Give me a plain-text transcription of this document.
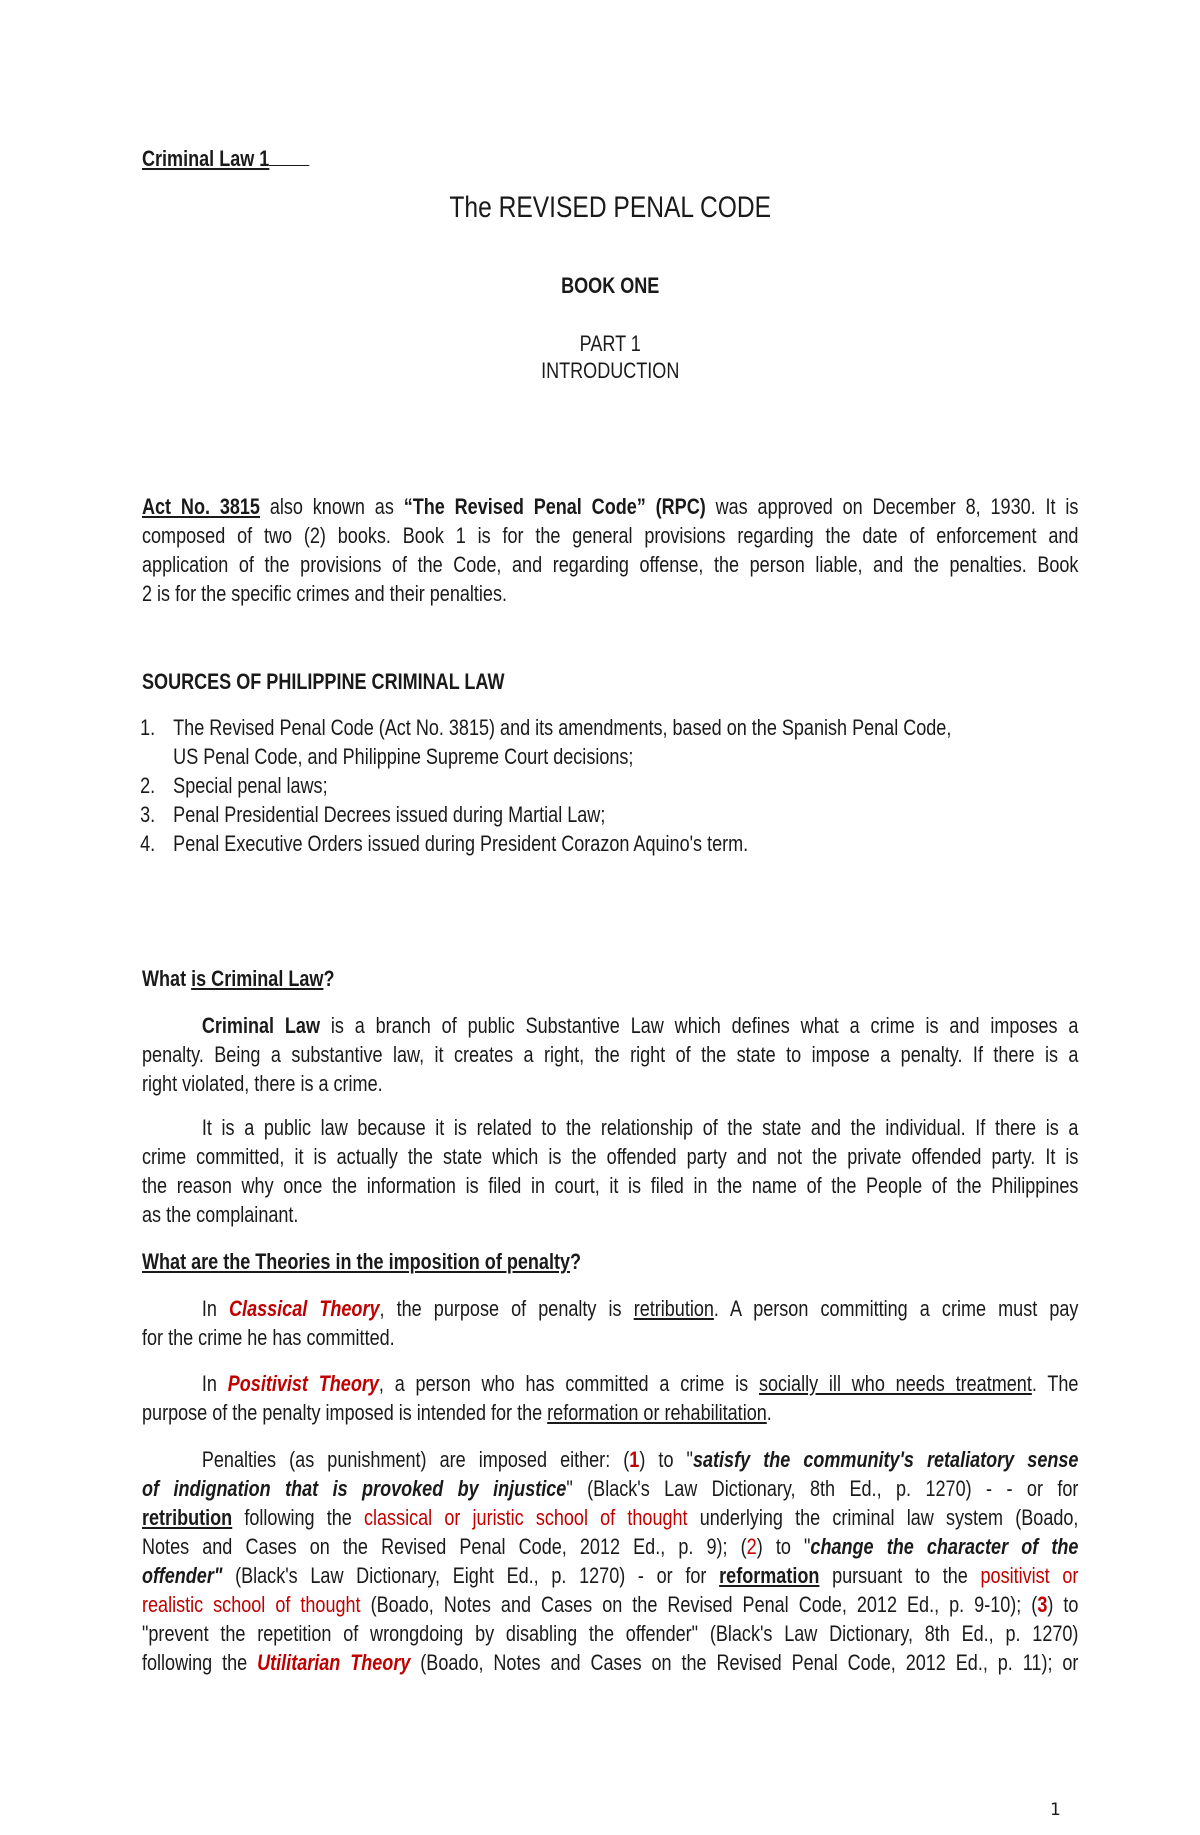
Criminal Law 1
The REVISED PENAL CODE
BOOK ONE
PART 1
INTRODUCTION
Act No. 3815 also known as “The Revised Penal Code” (RPC) was approved on December 8, 1930. It is
composed of two (2) books. Book 1 is for the general provisions regarding the date of enforcement and
application of the provisions of the Code, and regarding offense, the person liable, and the penalties. Book
2 is for the specific crimes and their penalties.
SOURCES OF PHILIPPINE CRIMINAL LAW
1. The Revised Penal Code (Act No. 3815) and its amendments, based on the Spanish Penal Code,
US Penal Code, and Philippine Supreme Court decisions;
2. Special penal laws;
3. Penal Presidential Decrees issued during Martial Law;
4. Penal Executive Orders issued during President Corazon Aquino's term.
What is Criminal Law?
Criminal Law is a branch of public Substantive Law which defines what a crime is and imposes a
penalty. Being a substantive law, it creates a right, the right of the state to impose a penalty. If there is a
right violated, there is a crime.
It is a public law because it is related to the relationship of the state and the individual. If there is a
crime committed, it is actually the state which is the offended party and not the private offended party. It is
the reason why once the information is filed in court, it is filed in the name of the People of the Philippines
as the complainant.
What are the Theories in the imposition of penalty?
In Classical Theory, the purpose of penalty is retribution. A person committing a crime must pay
for the crime he has committed.
In Positivist Theory, a person who has committed a crime is socially ill who needs treatment. The
purpose of the penalty imposed is intended for the reformation or rehabilitation.
Penalties (as punishment) are imposed either: (1) to "satisfy the community's retaliatory sense
of indignation that is provoked by injustice" (Black's Law Dictionary, 8th Ed., p. 1270) - - or for
retribution following the classical or juristic school of thought underlying the criminal law system (Boado,
Notes and Cases on the Revised Penal Code, 2012 Ed., p. 9); (2) to "change the character of the
offender" (Black's Law Dictionary, Eight Ed., p. 1270) - or for reformation pursuant to the positivist or
realistic school of thought (Boado, Notes and Cases on the Revised Penal Code, 2012 Ed., p. 9-10); (3) to
"prevent the repetition of wrongdoing by disabling the offender" (Black's Law Dictionary, 8th Ed., p. 1270)
following the Utilitarian Theory (Boado, Notes and Cases on the Revised Penal Code, 2012 Ed., p. 11); or
1
